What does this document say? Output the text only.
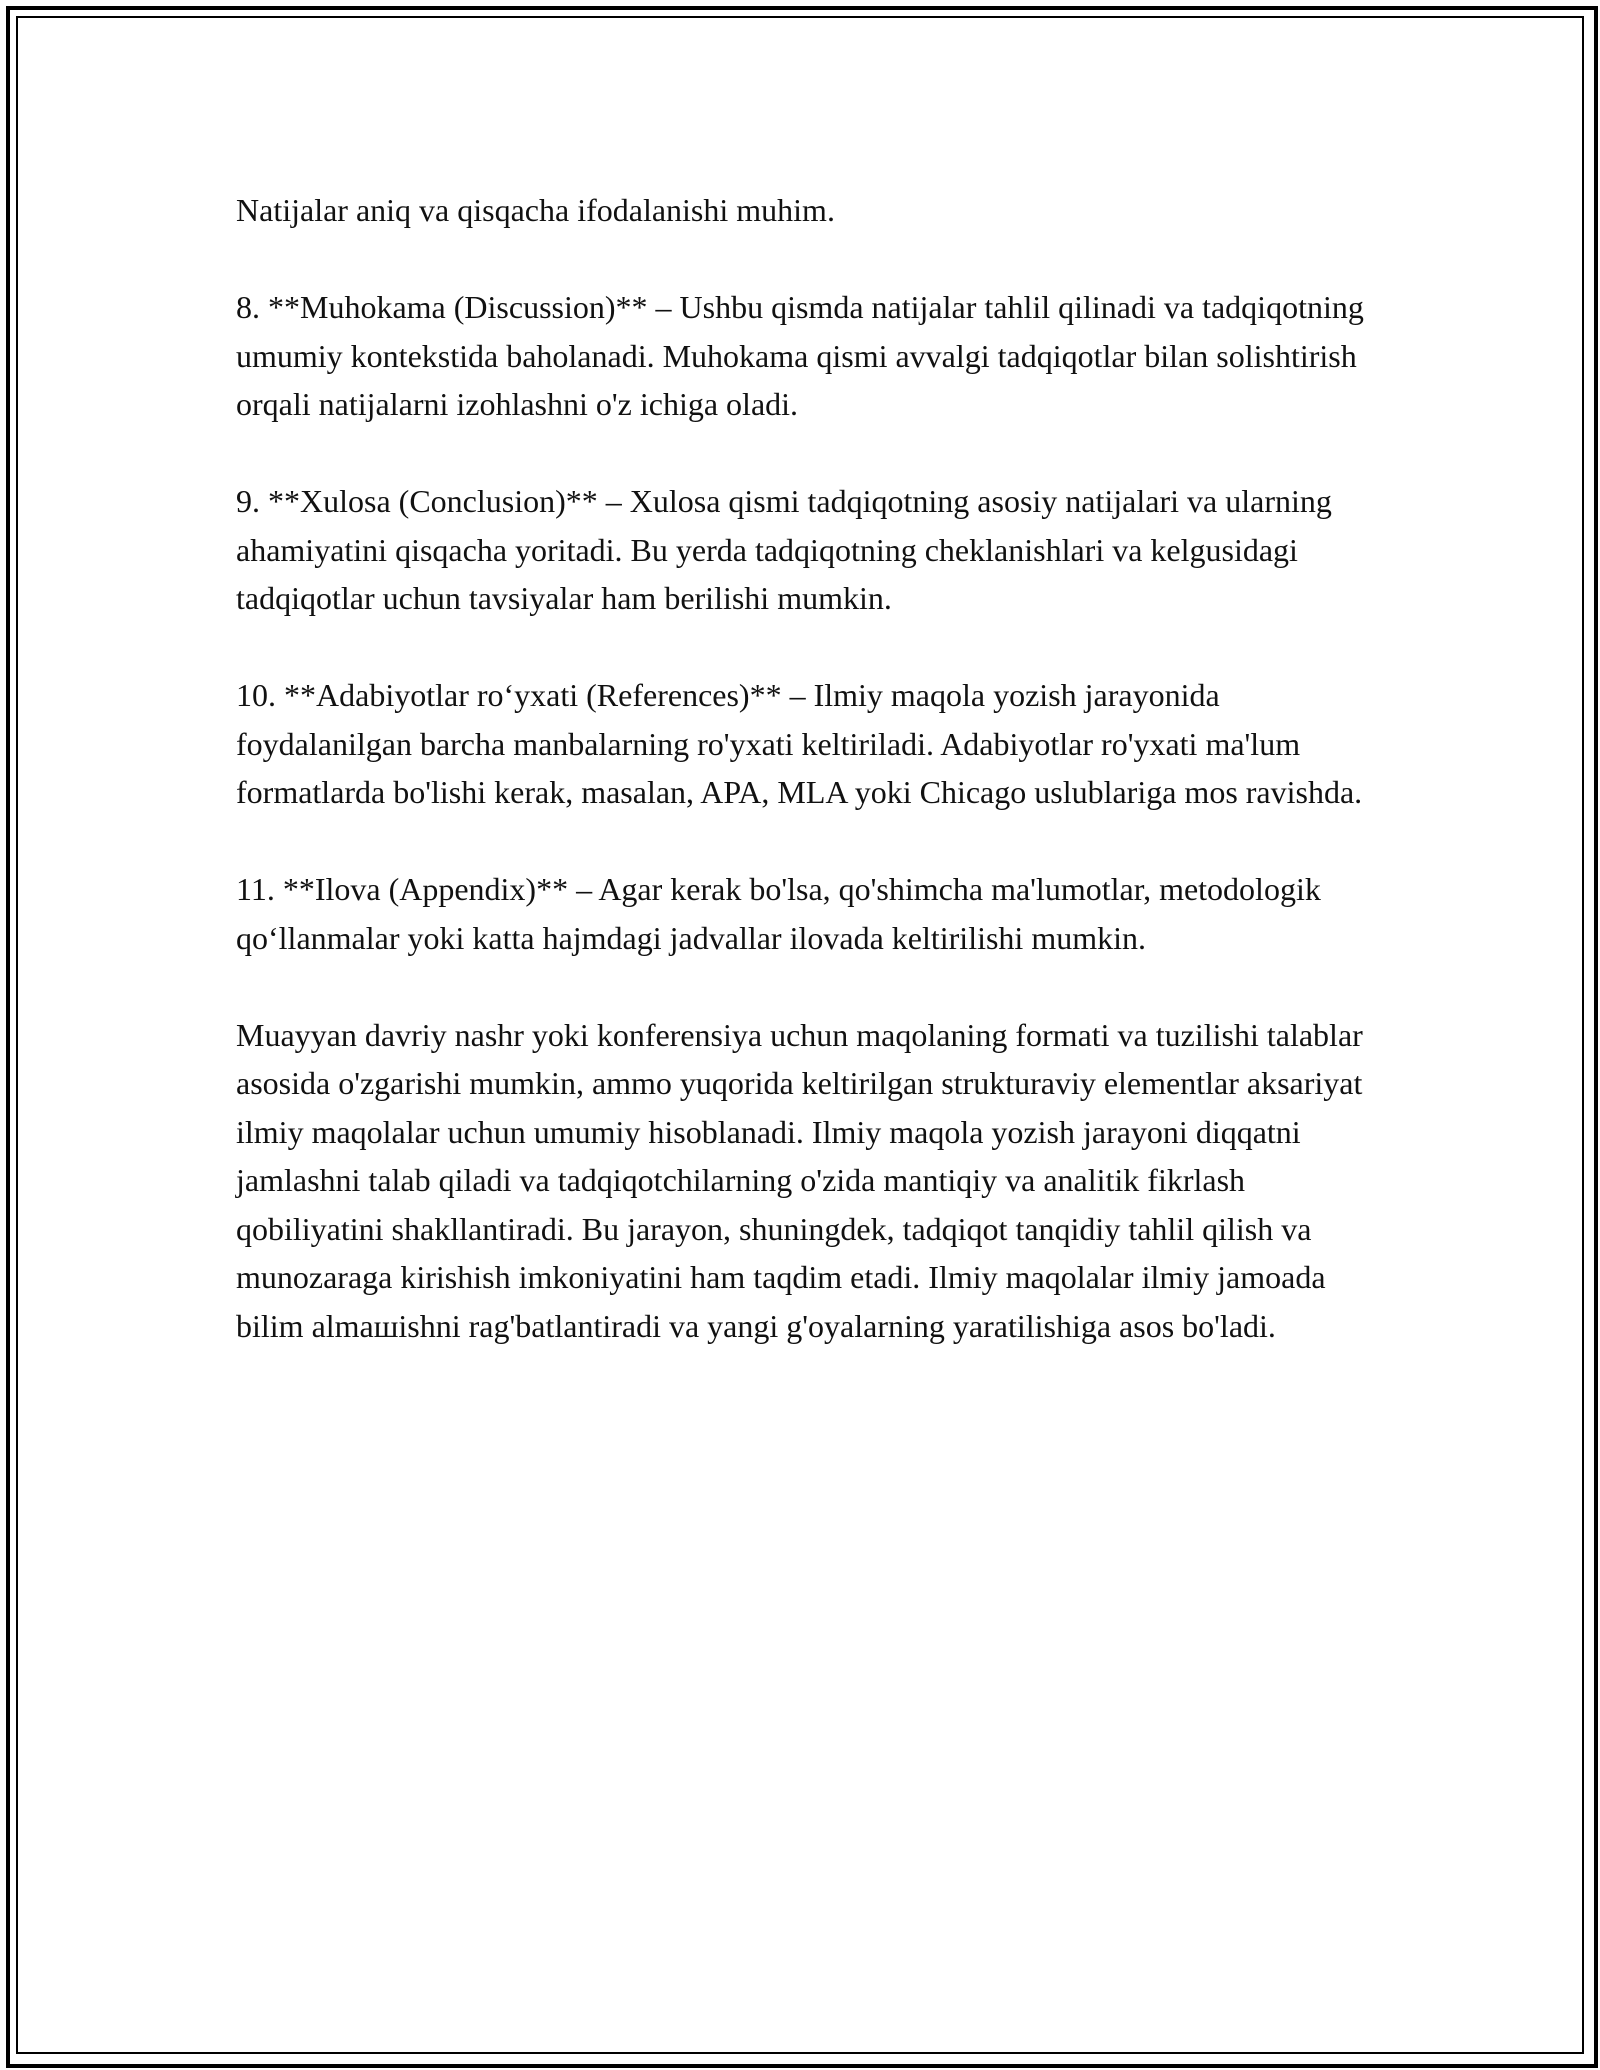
Natijalar aniq va qisqacha ifodalanishi muhim.

8. **Muhokama (Discussion)** – Ushbu qismda natijalar tahlil qilinadi va tadqiqotning umumiy kontekstida baholanadi. Muhokama qismi avvalgi tadqiqotlar bilan solishtirish orqali natijalarni izohlashni o'z ichiga oladi.

9. **Xulosa (Conclusion)** – Xulosa qismi tadqiqotning asosiy natijalari va ularning ahamiyatini qisqacha yoritadi. Bu yerda tadqiqotning cheklanishlari va kelgusidagi tadqiqotlar uchun tavsiyalar ham berilishi mumkin.

10. **Adabiyotlar ro‘yxati (References)** – Ilmiy maqola yozish jarayonida foydalanilgan barcha manbalarning ro'yxati keltiriladi. Adabiyotlar ro'yxati ma'lum formatlarda bo'lishi kerak, masalan, APA, MLA yoki Chicago uslublariga mos ravishda.

11. **Ilova (Appendix)** – Agar kerak bo'lsa, qo'shimcha ma'lumotlar, metodologik qo‘llanmalar yoki katta hajmdagi jadvallar ilovada keltirilishi mumkin.

Muayyan davriy nashr yoki konferensiya uchun maqolaning formati va tuzilishi talablar asosida o'zgarishi mumkin, ammo yuqorida keltirilgan strukturaviy elementlar aksariyat ilmiy maqolalar uchun umumiy hisoblanadi. Ilmiy maqola yozish jarayoni diqqatni jamlashni talab qiladi va tadqiqotchilarning o'zida mantiqiy va analitik fikrlash qobiliyatini shakllantiradi. Bu jarayon, shuningdek, tadqiqot tanqidiy tahlil qilish va munozaraga kirishish imkoniyatini ham taqdim etadi. Ilmiy maqolalar ilmiy jamoada bilim almашishni rag'batlantiradi va yangi g'oyalarning yaratilishiga asos bo'ladi.
